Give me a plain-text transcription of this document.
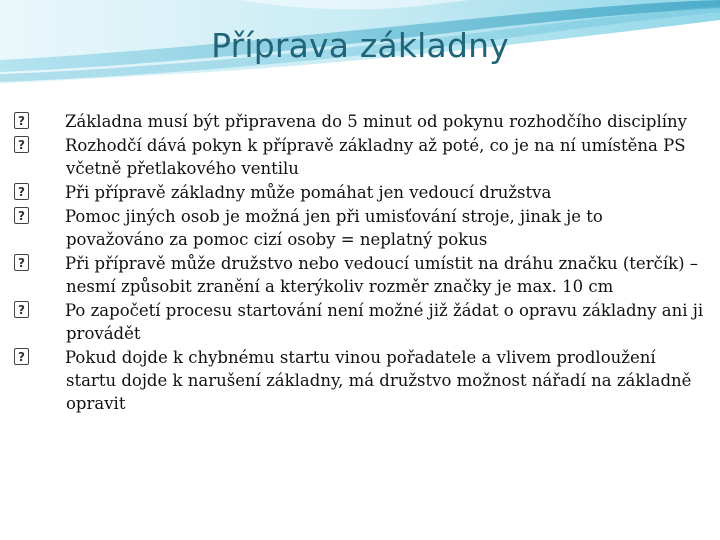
Příprava základny
?
Základna musí být připravena do 5 minut od pokynu rozhodčího disciplíny
?
Rozhodčí dává pokyn k přípravě základny až poté, co je na ní umístěna PS včetně přetlakového ventilu
?
Při přípravě základny může pomáhat jen vedoucí družstva
?
Pomoc jiných osob je možná jen při umisťování stroje, jinak je to považováno za pomoc cizí osoby = neplatný pokus
?
Při přípravě může družstvo nebo vedoucí umístit na dráhu značku (terčík) – nesmí způsobit zranění a kterýkoliv rozměr značky je max. 10 cm
?
Po započetí procesu startování není možné již žádat o opravu základny ani ji provádět
?
Pokud dojde k chybnému startu vinou pořadatele a vlivem prodloužení startu dojde k narušení základny, má družstvo možnost nářadí na základně opravit
